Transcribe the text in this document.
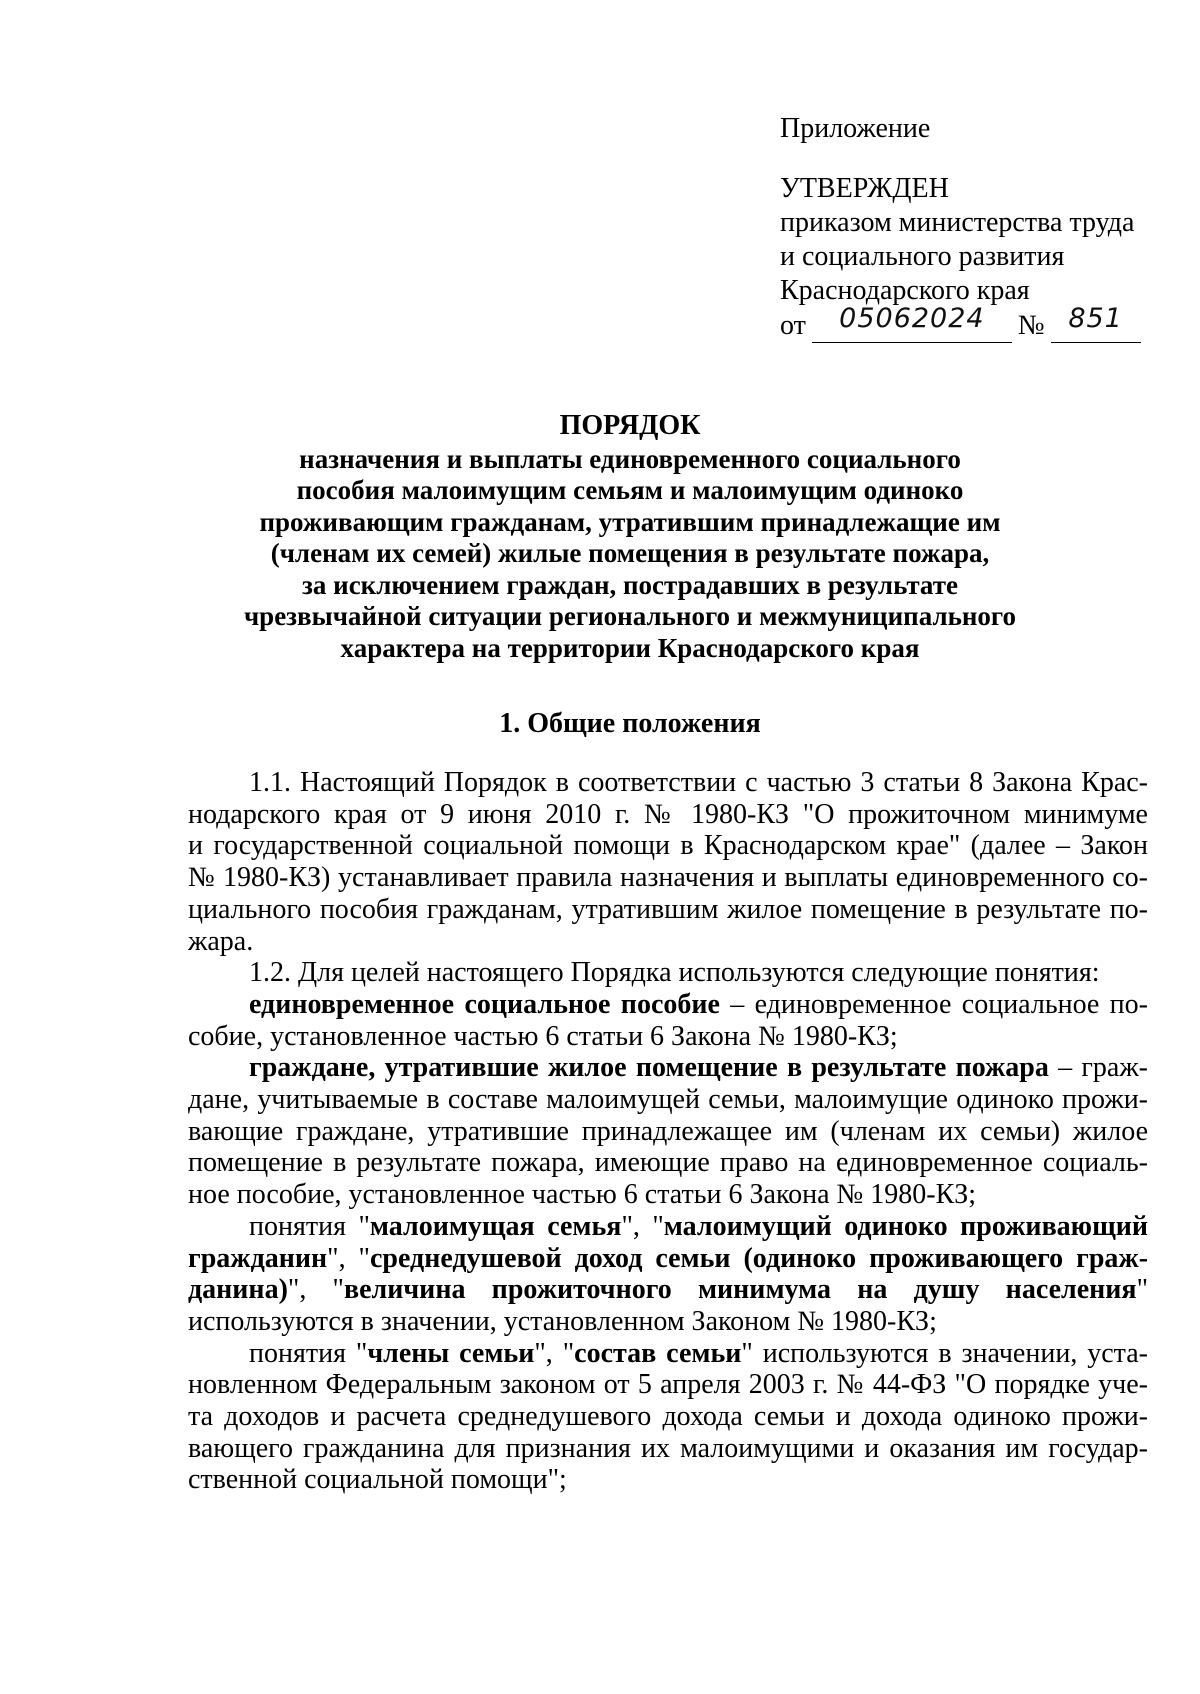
Приложение
УТВЕРЖДЕН
приказом министерства труда
и социального развития
Краснодарского края
от	05062024	№ 851
ПОРЯДОК
назначения и выплаты единовременного социального
пособия малоимущим семьям и малоимущим одиноко
проживающим гражданам, утратившим принадлежащие им
(членам их семей) жилые помещения в результате пожара,
за исключением граждан, пострадавших в результате
чрезвычайной ситуации регионального и межмуниципального
характера на территории Краснодарского края
1. Общие положения
1.1. Настоящий Порядок в соответствии с частью 3 статьи 8 Закона Крас-
нодарского края от 9 июня 2010 г. № 1980-КЗ "О прожиточном минимуме
и государственной социальной помощи в Краснодарском крае" (далее – Закон
№ 1980-КЗ) устанавливает правила назначения и выплаты единовременного со-
циального пособия гражданам, утратившим жилое помещение в результате по-
жара.
1.2. Для целей настоящего Порядка используются следующие понятия:
единовременное социальное пособие – единовременное социальное по-
собие, установленное частью 6 статьи 6 Закона № 1980-КЗ;
граждане, утратившие жилое помещение в результате пожара – граж-
дане, учитываемые в составе малоимущей семьи, малоимущие одиноко прожи-
вающие граждане, утратившие принадлежащее им (членам их семьи) жилое
помещение в результате пожара, имеющие право на единовременное социаль-
ное пособие, установленное частью 6 статьи 6 Закона № 1980-КЗ;
понятия "малоимущая семья", "малоимущий одиноко проживающий
гражданин", "среднедушевой доход семьи (одиноко проживающего граж-
данина)", "величина прожиточного минимума на душу населения"
используются в значении, установленном Законом № 1980-КЗ;
понятия "члены семьи", "состав семьи" используются в значении, уста-
новленном Федеральным законом от 5 апреля 2003 г. № 44-ФЗ "О порядке уче-
та доходов и расчета среднедушевого дохода семьи и дохода одиноко прожи-
вающего гражданина для признания их малоимущими и оказания им государ-
ственной социальной помощи";
